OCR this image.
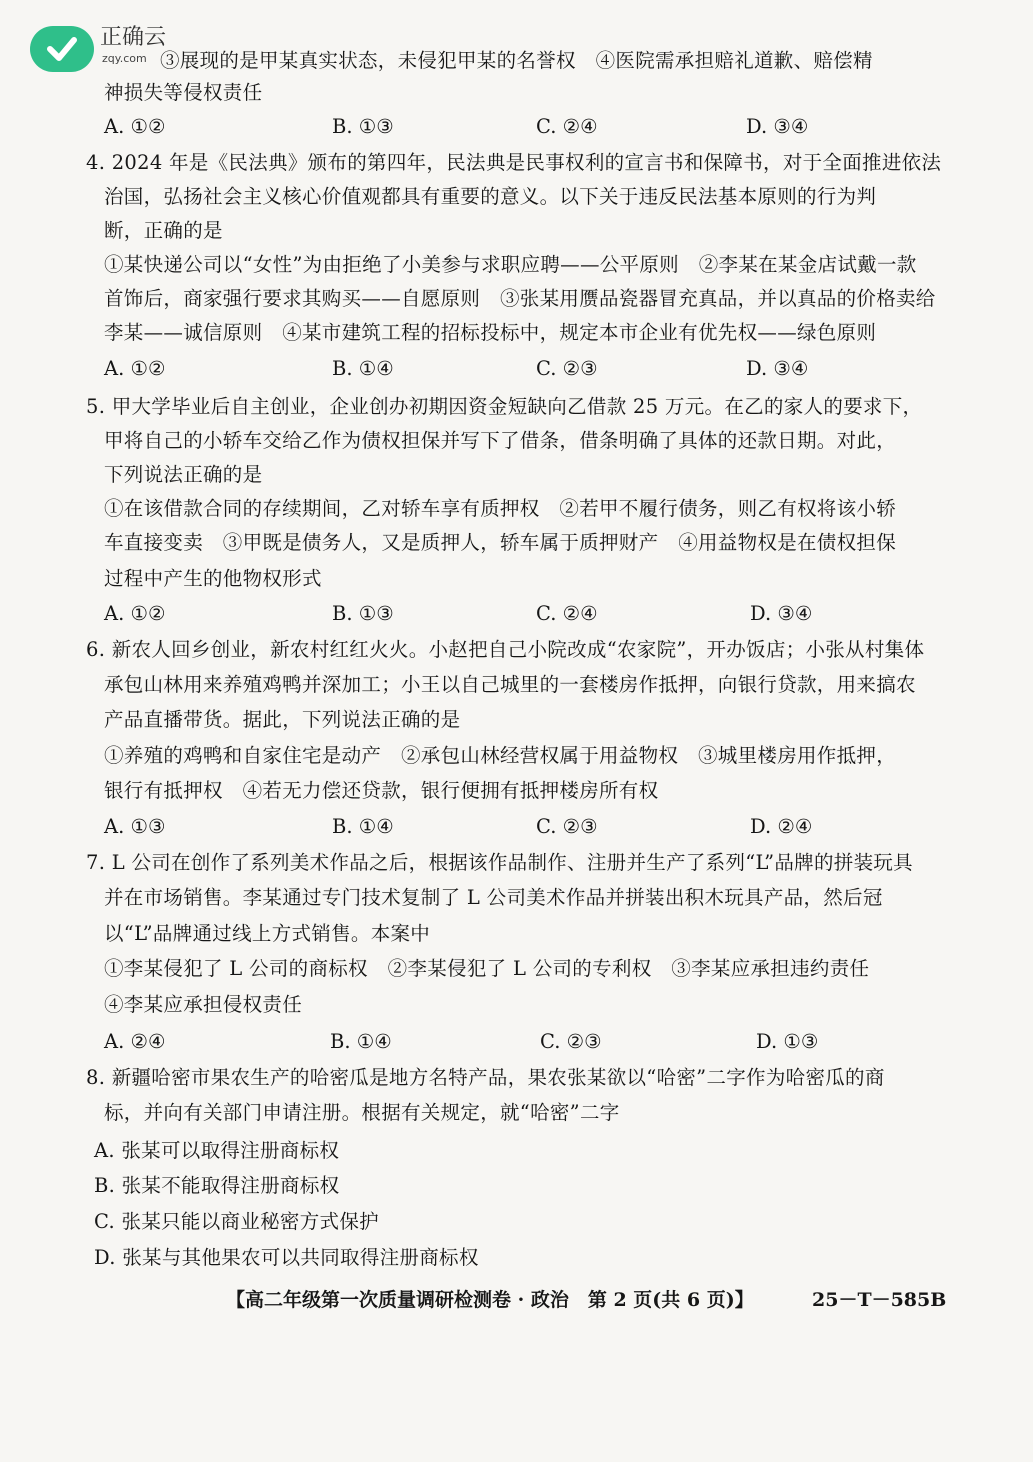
正确云
zqy.com ③展现的是甲某真实状态，未侵犯甲某的名誉权　④医院需承担赔礼道歉、赔偿精
神损失等侵权责任
A. ①②	B. ①③	C. ②④	D. ③④
4. 2024 年是《民法典》颁布的第四年，民法典是民事权利的宣言书和保障书，对于全面推进依法
治国，弘扬社会主义核心价值观都具有重要的意义。以下关于违反民法基本原则的行为判
断，正确的是
①某快递公司以“女性”为由拒绝了小美参与求职应聘——公平原则　②李某在某金店试戴一款
首饰后，商家强行要求其购买——自愿原则　③张某用赝品瓷器冒充真品，并以真品的价格卖给
李某——诚信原则　④某市建筑工程的招标投标中，规定本市企业有优先权——绿色原则
A. ①②	B. ①④	C. ②③	D. ③④
5. 甲大学毕业后自主创业，企业创办初期因资金短缺向乙借款 25 万元。在乙的家人的要求下，
甲将自己的小轿车交给乙作为债权担保并写下了借条，借条明确了具体的还款日期。对此，
下列说法正确的是
①在该借款合同的存续期间，乙对轿车享有质押权　②若甲不履行债务，则乙有权将该小轿
车直接变卖　③甲既是债务人，又是质押人，轿车属于质押财产　④用益物权是在债权担保
过程中产生的他物权形式
A. ①②	B. ①③	C. ②④	D. ③④
6. 新农人回乡创业，新农村红红火火。小赵把自己小院改成“农家院”，开办饭店；小张从村集体
承包山林用来养殖鸡鸭并深加工；小王以自己城里的一套楼房作抵押，向银行贷款，用来搞农
产品直播带货。据此，下列说法正确的是
①养殖的鸡鸭和自家住宅是动产　②承包山林经营权属于用益物权　③城里楼房用作抵押，
银行有抵押权　④若无力偿还贷款，银行便拥有抵押楼房所有权
A. ①③	B. ①④	C. ②③	D. ②④
7. L 公司在创作了系列美术作品之后，根据该作品制作、注册并生产了系列“L”品牌的拼装玩具
并在市场销售。李某通过专门技术复制了 L 公司美术作品并拼装出积木玩具产品，然后冠
以“L”品牌通过线上方式销售。本案中
①李某侵犯了 L 公司的商标权　②李某侵犯了 L 公司的专利权　③李某应承担违约责任
④李某应承担侵权责任
A. ②④	B. ①④	C. ②③	D. ①③
8. 新疆哈密市果农生产的哈密瓜是地方名特产品，果农张某欲以“哈密”二字作为哈密瓜的商
标，并向有关部门申请注册。根据有关规定，就“哈密”二字
A. 张某可以取得注册商标权
B. 张某不能取得注册商标权
C. 张某只能以商业秘密方式保护
D. 张某与其他果农可以共同取得注册商标权
【高二年级第一次质量调研检测卷 · 政治　第 2 页(共 6 页)】	25－T－585B
